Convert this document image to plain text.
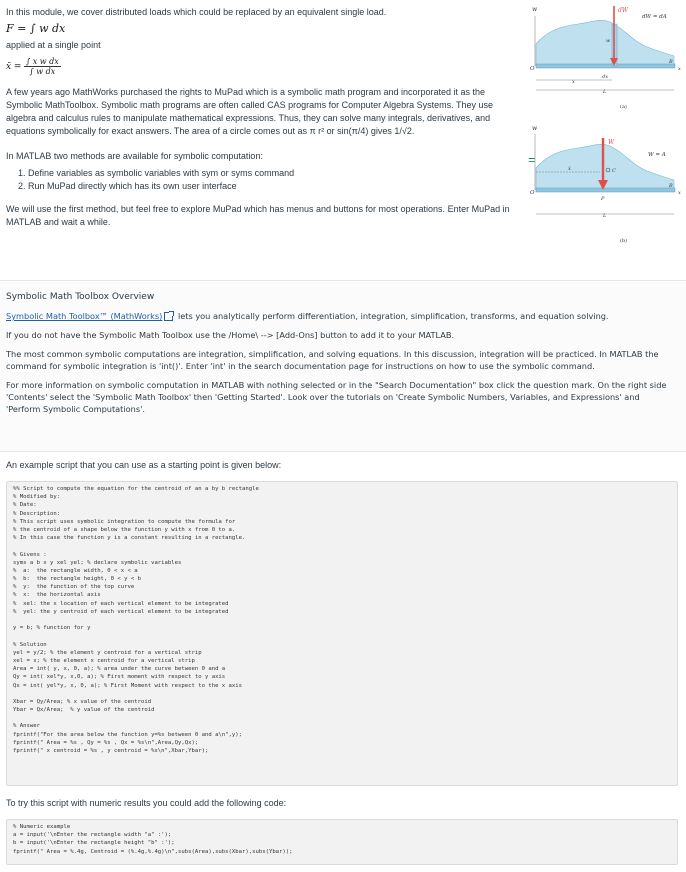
In this module, we cover distributed loads which could be replaced by an equivalent single load.

F = ∫ w dx

applied at a single point

x̄ = $\frac{\text{∫ x w dx}}{\text{∫ w dx}}$

A few years ago MathWorks purchased the rights to MuPad which is a symbolic math program and incorporated it as the Symbolic MathToolbox. Symbolic math programs are often called CAS programs for Computer Algebra Systems. They use algebra and calculus rules to manipulate mathematical expressions. Thus, they can solve many integrals, derivatives, and equations symbolically for exact answers. The area of a circle comes out as π r² or sin(π/4) gives 1/√2.

In MATLAB two methods are available for symbolic computation:

1. Define variables as symbolic variables with sym or syms command
2. Run MuPad directly which has its own user interface

We will use the first method, but feel free to explore MuPad which has menus and buttons for most operations. Enter MuPad in MATLAB and wait a while.

=
w	dW
dW = dA
w
O
B
x
dx
x
L
(a)
w
W
W = A
C
O
B
x
x̄
P
L
(b)

Symbolic Math Toolbox Overview

Symbolic Math Toolbox™ (MathWorks) lets you analytically perform differentiation, integration, simplification, transforms, and equation solving.

If you do not have the Symbolic Math Toolbox use the /Home\ --> [Add-Ons] button to add it to your MATLAB.

The most common symbolic computations are integration, simplification, and solving equations. In this discussion, integration will be practiced. In MATLAB the command for symbolic integration is 'int()'. Enter 'int' in the search documentation page for instructions on how to use the symbolic command.

For more information on symbolic computation in MATLAB with nothing selected or in the "Search Documentation" box click the question mark. On the right side 'Contents' select the 'Symbolic Math Toolbox' then 'Getting Started'. Look over the tutorials on 'Create Symbolic Numbers, Variables, and Expressions' and 'Perform Symbolic Computations'.

An example script that you can use as a starting point is given below:
%% Script to compute the equation for the centroid of an a by b rectangle
% Modified by:
% Date:
% Description:
% This script uses symbolic integration to compute the formula for
% the centroid of a shape below the function y with x from 0 to a.
% In this case the function y is a constant resulting in a rectangle.
% Givens :
syms a b x y xel yel; % declare symbolic variables
%  a:  the rectangle width, 0 < x < a
%  b:  the rectangle height, 0 < y < b
%  y:  the function of the top curve
%  x:  the horizontal axis
%  xel: the x location of each vertical element to be integrated
%  yel: the y centroid of each vertical element to be integrated
y = b; % function for y
% Solution
yel = y/2; % the element y centroid for a vertical strip
xel = x; % the element x centroid for a vertical strip
Area = int( y, x, 0, a); % area under the curve between 0 and a
Qy = int( xel*y, x,0, a); % First moment with respect to y axis
Qx = int( yel*y, x, 0, a); % First Moment with respect to the x axis
Xbar = Qy/Area; % x value of the centroid
Ybar = Qx/Area;  % y value of the centroid
% Answer
fprintf("For the area below the function y=%s between 0 and a\n",y);
fprintf(" Area = %s , Qy = %s , Qx = %s\n",Area,Qy,Qx);
fprintf(" x centroid = %s , y centroid = %s\n",Xbar,Ybar);
To try this script with numeric results you could add the following code:
% Numeric example
a = input('\nEnter the rectangle width "a" :');
b = input('\nEnter the rectangle height "b" :');
fprintf(" Area = %.4g, Centroid = (%.4g,%.4g)\n",subs(Area),subs(Xbar),subs(Ybar));
